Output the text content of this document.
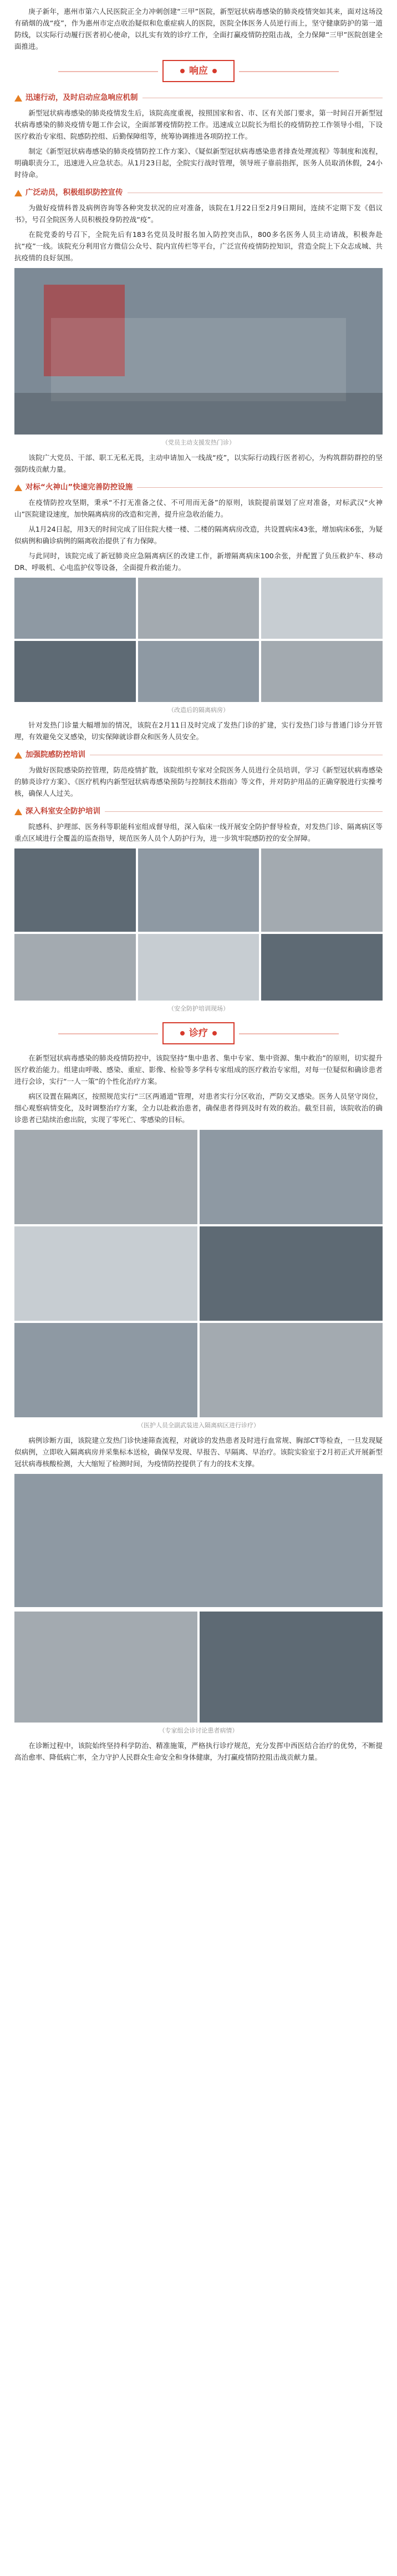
庚子新年，惠州市第六人民医院正全力冲刺创建“三甲”医院，新型冠状病毒感染的肺炎疫情突如其来，面对这场没有硝烟的战“疫”，作为惠州市定点收治疑似和危重症病人的医院，医院全体医务人员逆行而上，坚守健康防护的第一道防线，以实际行动履行医者初心使命，以扎实有效的诊疗工作，全面打赢疫情防控阻击战，全力保障“三甲”医院创建全面推进。

响应
迅速行动，及时启动应急响应机制

新型冠状病毒感染的肺炎疫情发生后，该院高度重视，按照国家和省、市、区有关部门要求，第一时间召开新型冠状病毒感染的肺炎疫情专题工作会议，全面部署疫情防控工作。迅速成立以院长为组长的疫情防控工作领导小组，下设医疗救治专家组、院感防控组、后勤保障组等，统筹协调推进各项防控工作。

制定《新型冠状病毒感染的肺炎疫情防控工作方案》、《疑似新型冠状病毒感染患者排查处理流程》等制度和流程，明确职责分工，迅速进入应急状态。从1月23日起，全院实行战时管理，领导班子靠前指挥，医务人员取消休假，24小时待命。

广泛动员，积极组织防控宣传

为做好疫情科普及病例咨询等各种突发状况的应对准备，该院在1月22日至2月9日期间，连续不定期下发《倡议书》，号召全院医务人员积极投身防控战“疫”。

在院党委的号召下，全院先后有183名党员及时报名加入防控突击队，800多名医务人员主动请战，积极奔赴抗“疫”一线。该院充分利用官方微信公众号、院内宣传栏等平台，广泛宣传疫情防控知识，营造全院上下众志成城、共抗疫情的良好氛围。

（党员主动支援发热门诊）

该院广大党员、干部、职工无私无畏，主动申请加入一线战“疫”，以实际行动践行医者初心，为构筑群防群控的坚强防线贡献力量。

对标“火神山”快速完善防控设施

在疫情防控攻坚期，秉承“不打无准备之仗、不可用而无备”的原则，该院提前谋划了应对准备，对标武汉“火神山”医院建设速度，加快隔离病房的改造和完善，提升应急收治能力。

从1月24日起，用3天的时间完成了旧住院大楼一楼、二楼的隔离病房改造，共设置病床43张，增加病床6张，为疑似病例和确诊病例的隔离收治提供了有力保障。

与此同时，该院完成了新冠肺炎应急隔离病区的改建工作，新增隔离病床100余张，并配置了负压救护车、移动DR、呼吸机、心电监护仪等设备，全面提升救治能力。

（改造后的隔离病房）

针对发热门诊量大幅增加的情况，该院在2月11日及时完成了发热门诊的扩建，实行发热门诊与普通门诊分开管理，有效避免交叉感染，切实保障就诊群众和医务人员安全。

加强院感防控培训

为做好医院感染防控管理，防范疫情扩散，该院组织专家对全院医务人员进行全员培训，学习《新型冠状病毒感染的肺炎诊疗方案》、《医疗机构内新型冠状病毒感染预防与控制技术指南》等文件，并对防护用品的正确穿脱进行实操考核，确保人人过关。

深入科室安全防护培训

院感科、护理部、医务科等职能科室组成督导组，深入临床一线开展安全防护督导检查，对发热门诊、隔离病区等重点区域进行全覆盖的巡查指导，规范医务人员个人防护行为，进一步筑牢院感防控的安全屏障。

（安全防护培训现场）
诊疗

在新型冠状病毒感染的肺炎疫情防控中，该院坚持“集中患者、集中专家、集中资源、集中救治”的原则，切实提升医疗救治能力。组建由呼吸、感染、重症、影像、检验等多学科专家组成的医疗救治专家组，对每一位疑似和确诊患者进行会诊，实行“一人一策”的个性化治疗方案。

病区设置在隔离区，按照规范实行“三区两通道”管理，对患者实行分区收治，严防交叉感染。医务人员坚守岗位，细心观察病情变化，及时调整治疗方案，全力以赴救治患者，确保患者得到及时有效的救治。截至目前，该院收治的确诊患者已陆续治愈出院，实现了零死亡、零感染的目标。

（医护人员全副武装进入隔离病区进行诊疗）

病例诊断方面，该院建立发热门诊快速筛查流程，对就诊的发热患者及时进行血常规、胸部CT等检查，一旦发现疑似病例，立即收入隔离病房并采集标本送检，确保早发现、早报告、早隔离、早治疗。该院实验室于2月初正式开展新型冠状病毒核酸检测，大大缩短了检测时间，为疫情防控提供了有力的技术支撑。

（专家组会诊讨论患者病情）

在诊断过程中，该院始终坚持科学防治、精准施策，严格执行诊疗规范，充分发挥中西医结合治疗的优势，不断提高治愈率、降低病亡率，全力守护人民群众生命安全和身体健康，为打赢疫情防控阻击战贡献力量。
